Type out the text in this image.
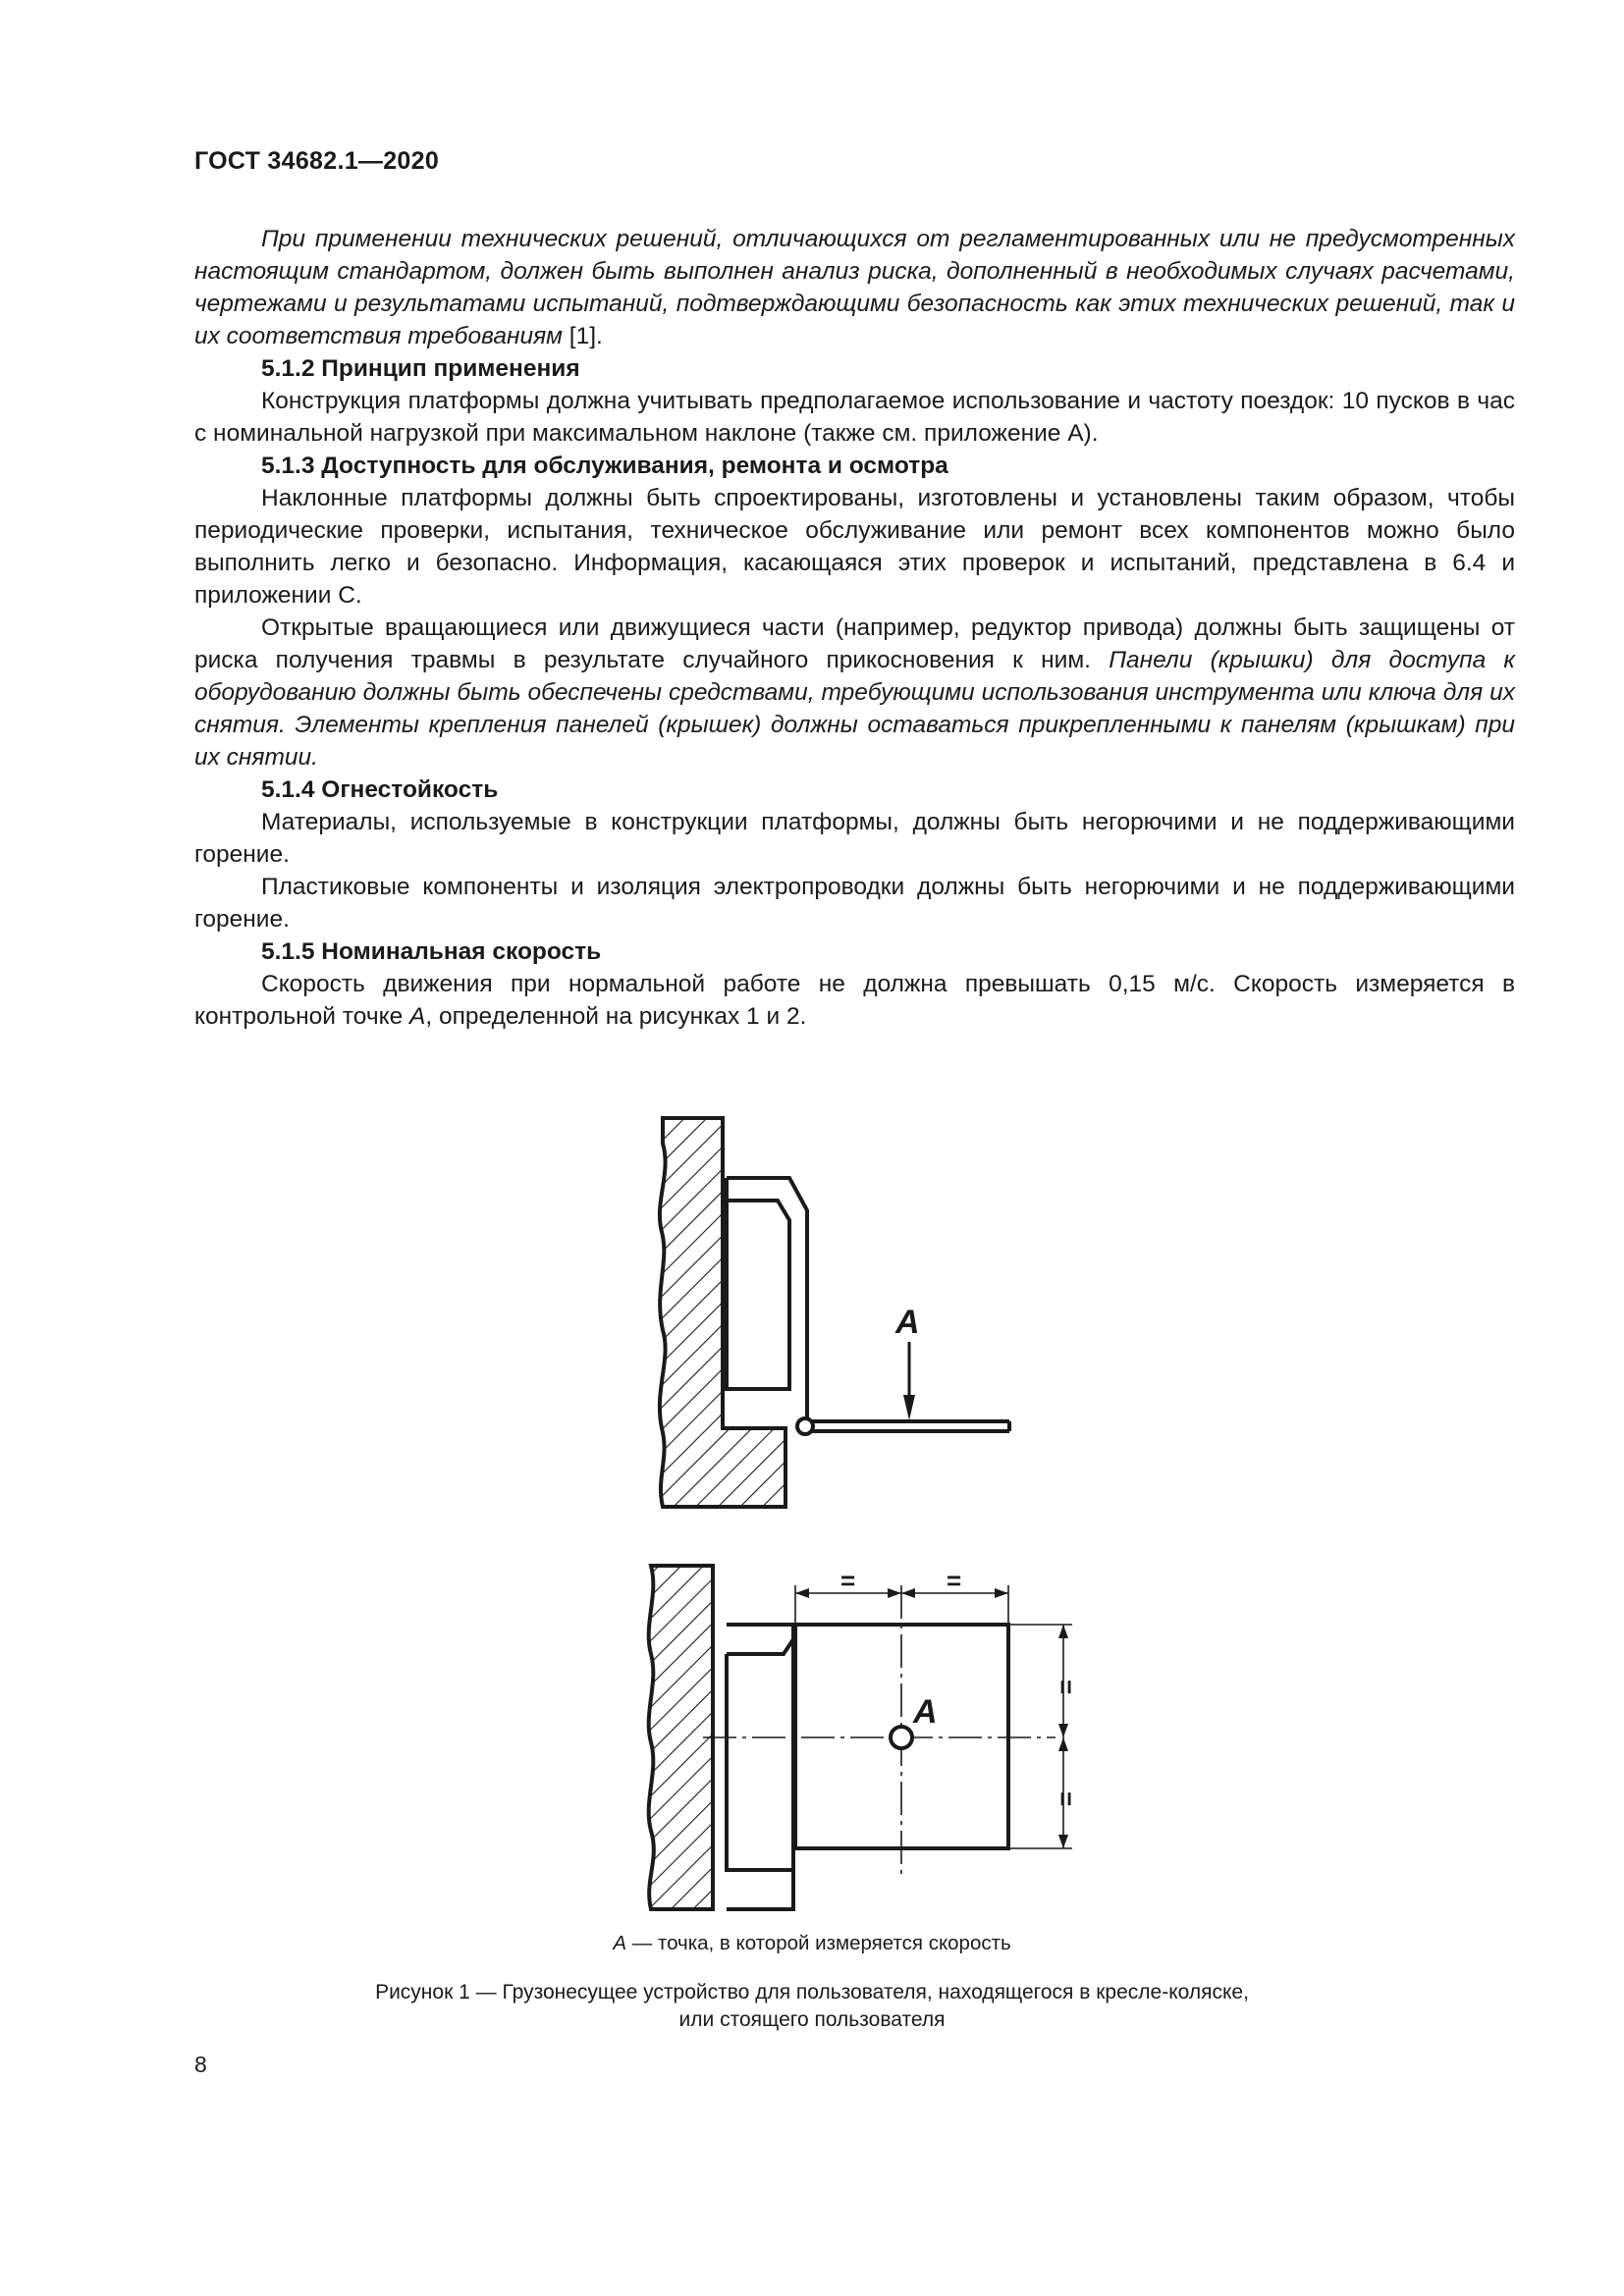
ГОСТ 34682.1—2020

При применении технических решений, отличающихся от регламентированных или не предусмотренных настоящим стандартом, должен быть выполнен анализ риска, дополненный в необходимых случаях расчетами, чертежами и результатами испытаний, подтверждающими безопасность как этих технических решений, так и их соответствия требованиям [1].

5.1.2 Принцип применения

Конструкция платформы должна учитывать предполагаемое использование и частоту поездок: 10 пусков в час с номинальной нагрузкой при максимальном наклоне (также см. приложение А).

5.1.3 Доступность для обслуживания, ремонта и осмотра

Наклонные платформы должны быть спроектированы, изготовлены и установлены таким образом, чтобы периодические проверки, испытания, техническое обслуживание или ремонт всех компонентов можно было выполнить легко и безопасно. Информация, касающаяся этих проверок и испытаний, представлена в 6.4 и приложении С.

Открытые вращающиеся или движущиеся части (например, редуктор привода) должны быть защищены от риска получения травмы в результате случайного прикосновения к ним. Панели (крышки) для доступа к оборудованию должны быть обеспечены средствами, требующими использования инструмента или ключа для их снятия. Элементы крепления панелей (крышек) должны оставаться прикрепленными к панелям (крышкам) при их снятии.

5.1.4 Огнестойкость

Материалы, используемые в конструкции платформы, должны быть негорючими и не поддерживающими горение.

Пластиковые компоненты и изоляция электропроводки должны быть негорючими и не поддерживающими горение.

5.1.5 Номинальная скорость

Скорость движения при нормальной работе не должна превышать 0,15 м/с. Скорость измеряется в контрольной точке А, определенной на рисунках 1 и 2.

А
А
=	=
=
=
А — точка, в которой измеряется скорость
Рисунок 1 — Грузонесущее устройство для пользователя, находящегося в кресле-коляске,
или стоящего пользователя
8
